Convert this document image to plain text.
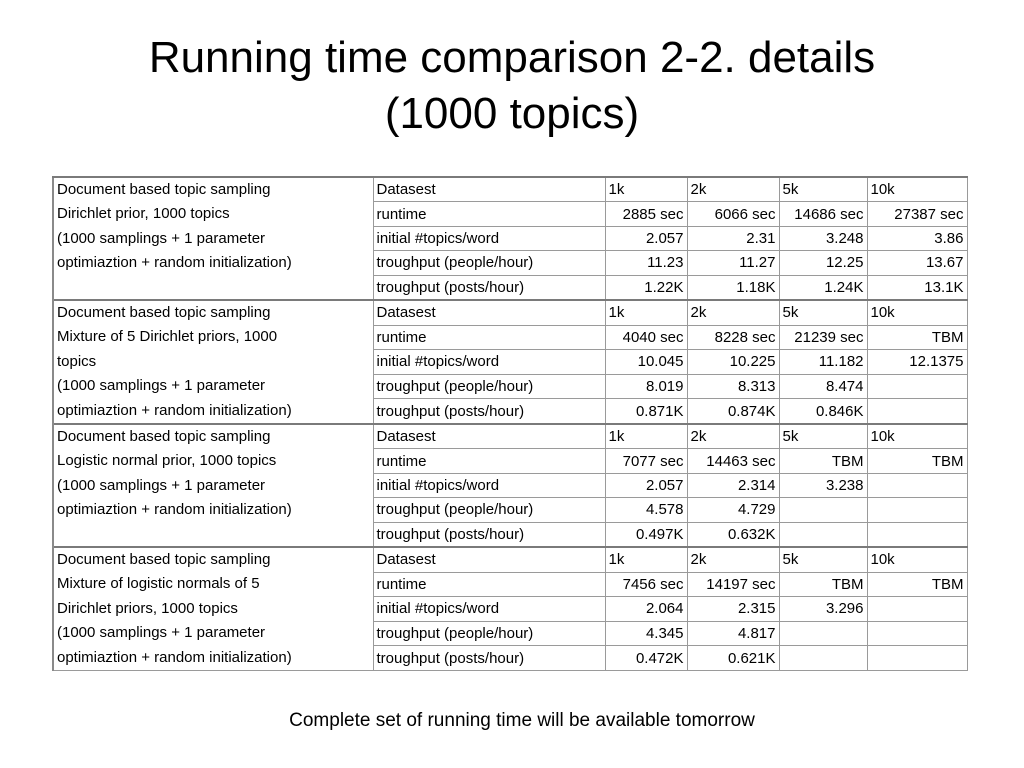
Running time comparison 2-2. details
(1000 topics)
Document based topic sampling
Dirichlet prior, 1000 topics
(1000 samplings + 1 parameter
optimiaztion + random initialization)	Datasest	1k	2k	5k	10k
	runtime	2885 sec	6066 sec	14686 sec	27387 sec
	initial #topics/word	2.057	2.31	3.248	3.86
	troughput (people/hour)	11.23	11.27	12.25	13.67
	troughput (posts/hour)	1.22K	1.18K	1.24K	13.1K

Document based topic sampling
Mixture of 5 Dirichlet priors, 1000
topics
(1000 samplings + 1 parameter
optimiaztion + random initialization)	Datasest	1k	2k	5k	10k
	runtime	4040 sec	8228 sec	21239 sec	TBM
	initial #topics/word	10.045	10.225	11.182	12.1375
	troughput (people/hour)	8.019	8.313	8.474	
	troughput (posts/hour)	0.871K	0.874K	0.846K	

Document based topic sampling
Logistic normal prior, 1000 topics
(1000 samplings + 1 parameter
optimiaztion + random initialization)	Datasest	1k	2k	5k	10k
	runtime	7077 sec	14463 sec	TBM	TBM
	initial #topics/word	2.057	2.314	3.238	
	troughput (people/hour)	4.578	4.729		
	troughput (posts/hour)	0.497K	0.632K		

Document based topic sampling
Mixture of logistic normals of 5
Dirichlet priors, 1000 topics
(1000 samplings + 1 parameter
optimiaztion + random initialization)	Datasest	1k	2k	5k	10k
	runtime	7456 sec	14197 sec	TBM	TBM
	initial #topics/word	2.064	2.315	3.296	
	troughput (people/hour)	4.345	4.817		
	troughput (posts/hour)	0.472K	0.621K		
Complete set of running time will be available tomorrow
